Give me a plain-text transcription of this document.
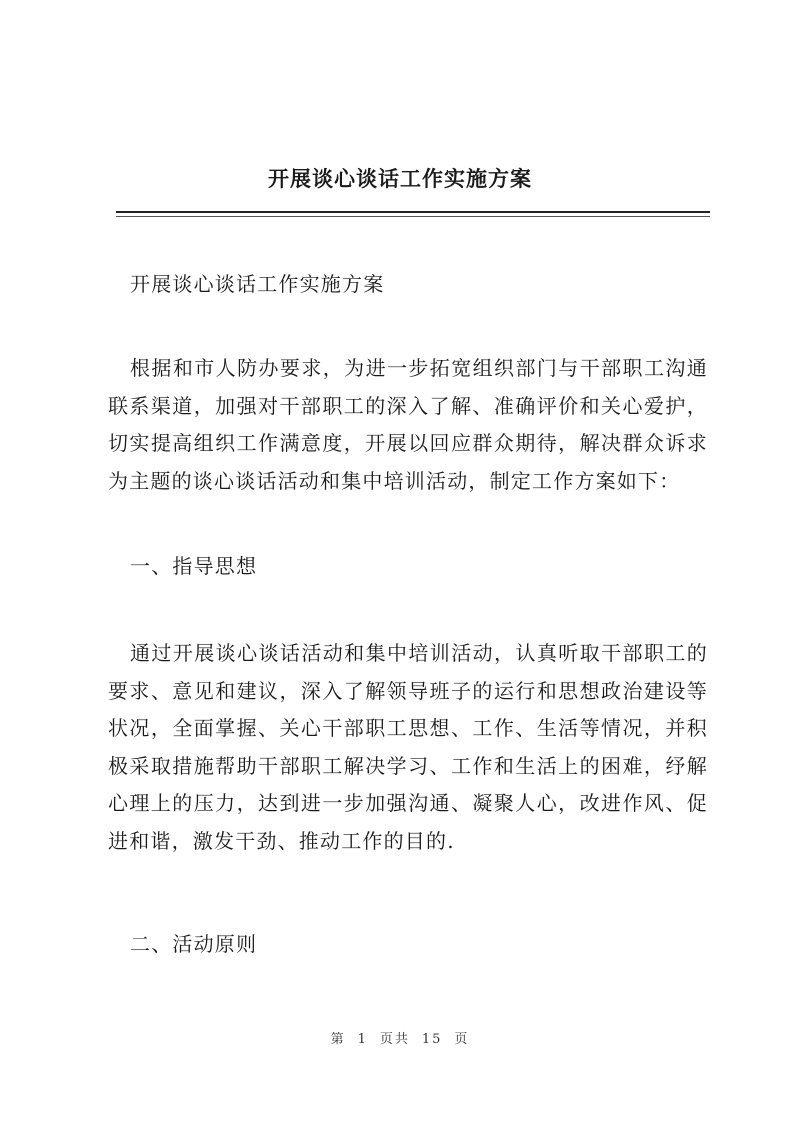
开展谈心谈话工作实施方案

开展谈心谈话工作实施方案

根据和市人防办要求，为进一步拓宽组织部门与干部职工沟通联系渠道，加强对干部职工的深入了解、准确评价和关心爱护，切实提高组织工作满意度，开展以回应群众期待，解决群众诉求为主题的谈心谈话活动和集中培训活动，制定工作方案如下：

一、指导思想

通过开展谈心谈话活动和集中培训活动，认真听取干部职工的要求、意见和建议，深入了解领导班子的运行和思想政治建设等状况，全面掌握、关心干部职工思想、工作、生活等情况，并积极采取措施帮助干部职工解决学习、工作和生活上的困难，纾解心理上的压力，达到进一步加强沟通、凝聚人心，改进作风、促进和谐，激发干劲、推动工作的目的.

二、活动原则

第 1 页共 15 页
